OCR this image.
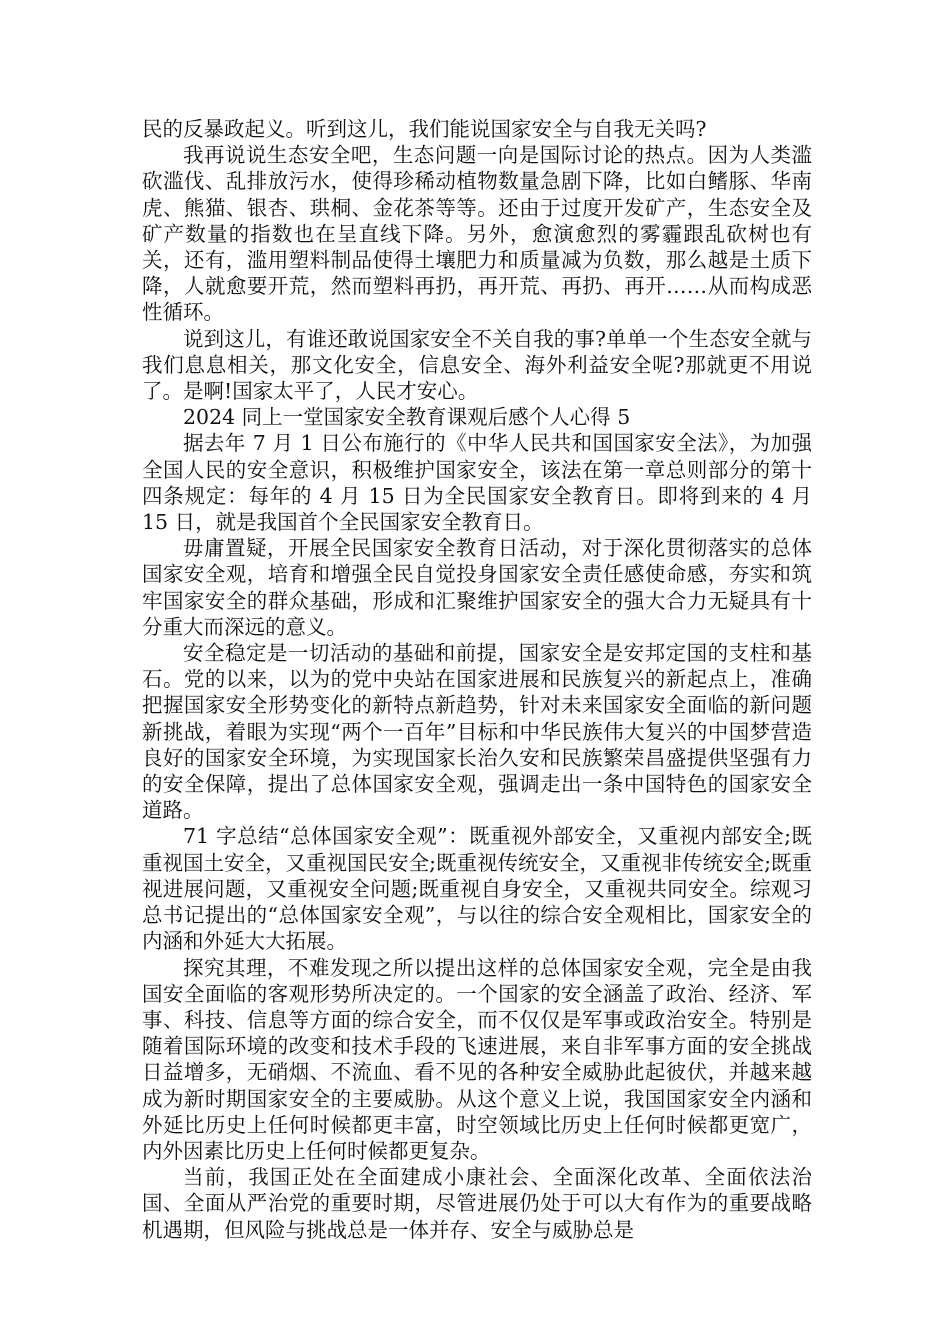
民的反暴政起义。听到这儿，我们能说国家安全与自我无关吗?

我再说说生态安全吧，生态问题一向是国际讨论的热点。因为人类滥砍滥伐、乱排放污水，使得珍稀动植物数量急剧下降，比如白鳍豚、华南虎、熊猫、银杏、珙桐、金花茶等等。还由于过度开发矿产，生态安全及矿产数量的指数也在呈直线下降。另外，愈演愈烈的雾霾跟乱砍树也有关，还有，滥用塑料制品使得土壤肥力和质量减为负数，那么越是土质下降，人就愈要开荒，然而塑料再扔，再开荒、再扔、再开……从而构成恶性循环。

说到这儿，有谁还敢说国家安全不关自我的事?单单一个生态安全就与我们息息相关，那文化安全，信息安全、海外利益安全呢?那就更不用说了。是啊!国家太平了，人民才安心。

2024 同上一堂国家安全教育课观后感个人心得 5

据去年 7 月 1 日公布施行的《中华人民共和国国家安全法》，为加强全国人民的安全意识，积极维护国家安全，该法在第一章总则部分的第十四条规定：每年的 4 月 15 日为全民国家安全教育日。即将到来的 4 月 15 日，就是我国首个全民国家安全教育日。

毋庸置疑，开展全民国家安全教育日活动，对于深化贯彻落实的总体国家安全观，培育和增强全民自觉投身国家安全责任感使命感，夯实和筑牢国家安全的群众基础，形成和汇聚维护国家安全的强大合力无疑具有十分重大而深远的意义。

安全稳定是一切活动的基础和前提，国家安全是安邦定国的支柱和基石。党的以来，以为的党中央站在国家进展和民族复兴的新起点上，准确把握国家安全形势变化的新特点新趋势，针对未来国家安全面临的新问题新挑战，着眼为实现“两个一百年”目标和中华民族伟大复兴的中国梦营造良好的国家安全环境，为实现国家长治久安和民族繁荣昌盛提供坚强有力的安全保障，提出了总体国家安全观，强调走出一条中国特色的国家安全道路。

71 字总结“总体国家安全观”：既重视外部安全，又重视内部安全;既重视国土安全，又重视国民安全;既重视传统安全，又重视非传统安全;既重视进展问题，又重视安全问题;既重视自身安全，又重视共同安全。综观习总书记提出的“总体国家安全观”，与以往的综合安全观相比，国家安全的内涵和外延大大拓展。

探究其理，不难发现之所以提出这样的总体国家安全观，完全是由我国安全面临的客观形势所决定的。一个国家的安全涵盖了政治、经济、军事、科技、信息等方面的综合安全，而不仅仅是军事或政治安全。特别是随着国际环境的改变和技术手段的飞速进展，来自非军事方面的安全挑战日益增多，无硝烟、不流血、看不见的各种安全威胁此起彼伏，并越来越成为新时期国家安全的主要威胁。从这个意义上说，我国国家安全内涵和外延比历史上任何时候都更丰富，时空领域比历史上任何时候都更宽广，内外因素比历史上任何时候都更复杂。

当前，我国正处在全面建成小康社会、全面深化改革、全面依法治国、全面从严治党的重要时期，尽管进展仍处于可以大有作为的重要战略机遇期，但风险与挑战总是一体并存、安全与威胁总是
